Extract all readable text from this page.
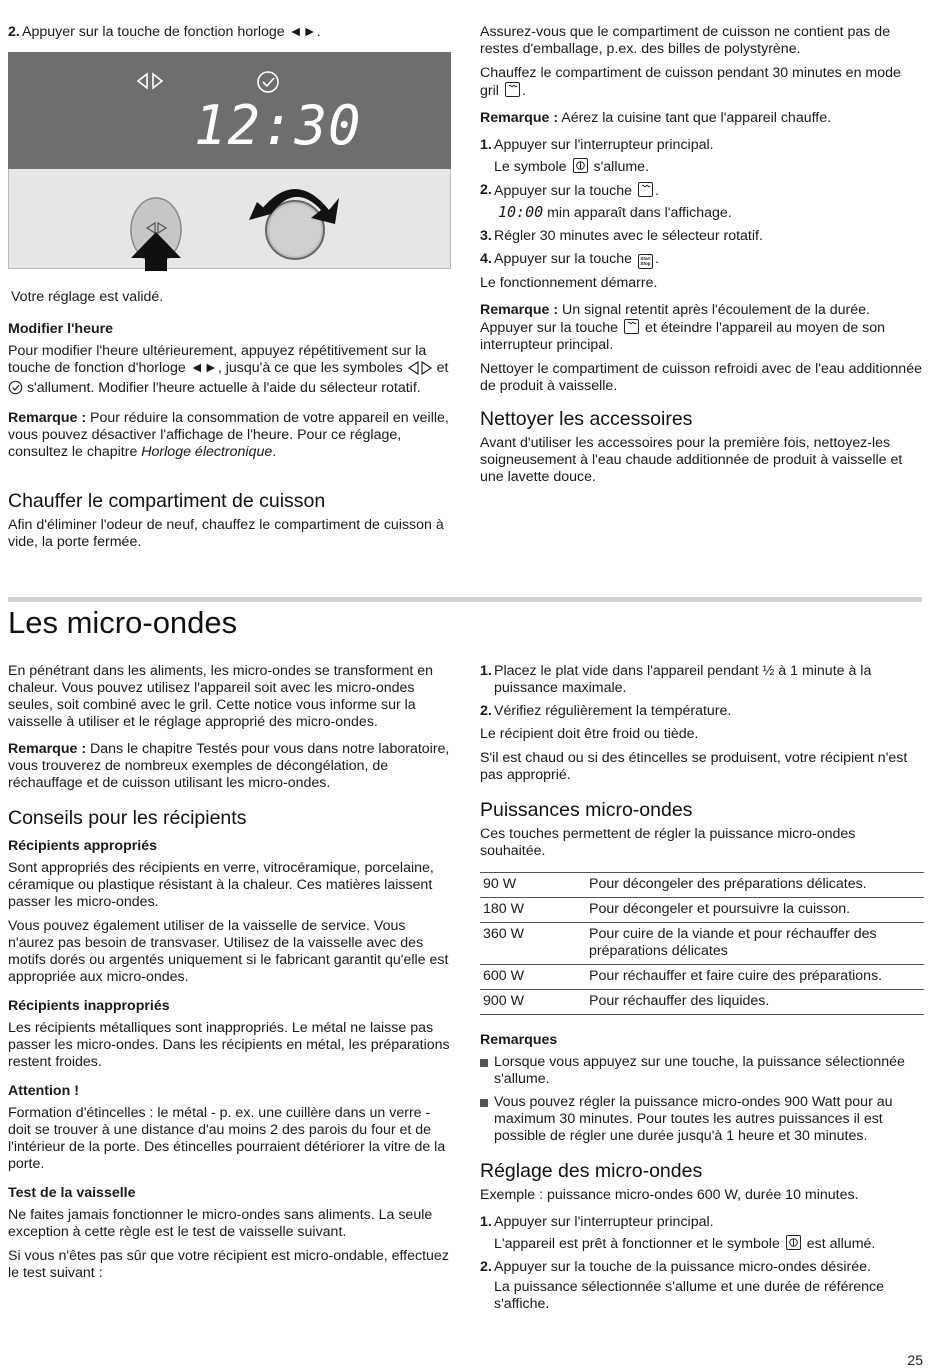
2. Appuyer sur la touche de fonction horloge ◄►.
12:30
Votre réglage est validé.
Modifier l'heure

Pour modifier l'heure ultérieurement, appuyez répétitivement sur la touche de fonction d'horloge ◄►, jusqu'à ce que les symboles et  s'allument. Modifier l'heure actuelle à l'aide du sélecteur rotatif.

Remarque : Pour réduire la consommation de votre appareil en veille, vous pouvez désactiver l'affichage de l'heure. Pour ce réglage, consultez le chapitre Horloge électronique.

Chauffer le compartiment de cuisson

Afin d'éliminer l'odeur de neuf, chauffez le compartiment de cuisson à vide, la porte fermée.

Assurez-vous que le compartiment de cuisson ne contient pas de restes d'emballage, p.ex. des billes de polystyrène.

Chauffez le compartiment de cuisson pendant 30 minutes en mode gril .

Remarque : Aérez la cuisine tant que l'appareil chauffe.

1. Appuyer sur l'interrupteur principal.
Le symbole s'allume.
2. Appuyer sur la touche .
10:00 min apparaît dans l'affichage.
3. Régler 30 minutes avec le sélecteur rotatif.
4. Appuyer sur la touche Start Stop .

Le fonctionnement démarre.

Remarque : Un signal retentit après l'écoulement de la durée. Appuyer sur la touche et éteindre l'appareil au moyen de son interrupteur principal.

Nettoyer le compartiment de cuisson refroidi avec de l'eau additionnée de produit à vaisselle.

Nettoyer les accessoires

Avant d'utiliser les accessoires pour la première fois, nettoyez-les soigneusement à l'eau chaude additionnée de produit à vaisselle et une lavette douce.

Les micro-ondes

En pénétrant dans les aliments, les micro-ondes se transforment en chaleur. Vous pouvez utilisez l'appareil soit avec les micro-ondes seules, soit combiné avec le gril. Cette notice vous informe sur la vaisselle à utiliser et le réglage approprié des micro-ondes.

Remarque : Dans le chapitre Testés pour vous dans notre laboratoire, vous trouverez de nombreux exemples de décongélation, de réchauffage et de cuisson utilisant les micro-ondes.

Conseils pour les récipients
Récipients appropriés

Sont appropriés des récipients en verre, vitrocéramique, porcelaine, céramique ou plastique résistant à la chaleur. Ces matières laissent passer les micro-ondes.

Vous pouvez également utiliser de la vaisselle de service. Vous n'aurez pas besoin de transvaser. Utilisez de la vaisselle avec des motifs dorés ou argentés uniquement si le fabricant garantit qu'elle est appropriée aux micro-ondes.

Récipients inappropriés

Les récipients métalliques sont inappropriés. Le métal ne laisse pas passer les micro-ondes. Dans les récipients en métal, les préparations restent froides.

Attention !

Formation d'étincelles : le métal - p. ex. une cuillère dans un verre - doit se trouver à une distance d'au moins 2 des parois du four et de l'intérieur de la porte. Des étincelles pourraient détériorer la vitre de la porte.

Test de la vaisselle

Ne faites jamais fonctionner le micro-ondes sans aliments. La seule exception à cette règle est le test de vaisselle suivant.

Si vous n'êtes pas sûr que votre récipient est micro-ondable, effectuez le test suivant :

1. Placez le plat vide dans l'appareil pendant ½ à 1 minute à la puissance maximale.
2. Vérifiez régulièrement la température.

Le récipient doit être froid ou tiède.

S'il est chaud ou si des étincelles se produisent, votre récipient n'est pas approprié.

Puissances micro-ondes

Ces touches permettent de régler la puissance micro-ondes souhaitée.

90 W	Pour décongeler des préparations délicates.
180 W	Pour décongeler et poursuivre la cuisson.
360 W	Pour cuire de la viande et pour réchauffer des préparations délicates
600 W	Pour réchauffer et faire cuire des préparations.
900 W	Pour réchauffer des liquides.
Remarques
Lorsque vous appuyez sur une touche, la puissance sélectionnée s'allume.
Vous pouvez régler la puissance micro-ondes 900 Watt pour au maximum 30 minutes. Pour toutes les autres puissances il est possible de régler une durée jusqu'à 1 heure et 30 minutes.
Réglage des micro-ondes

Exemple : puissance micro-ondes 600 W, durée 10 minutes.

1. Appuyer sur l'interrupteur principal.
L'appareil est prêt à fonctionner et le symbole est allumé.
2. Appuyer sur la touche de la puissance micro-ondes désirée.
La puissance sélectionnée s'allume et une durée de référence s'affiche.
25
